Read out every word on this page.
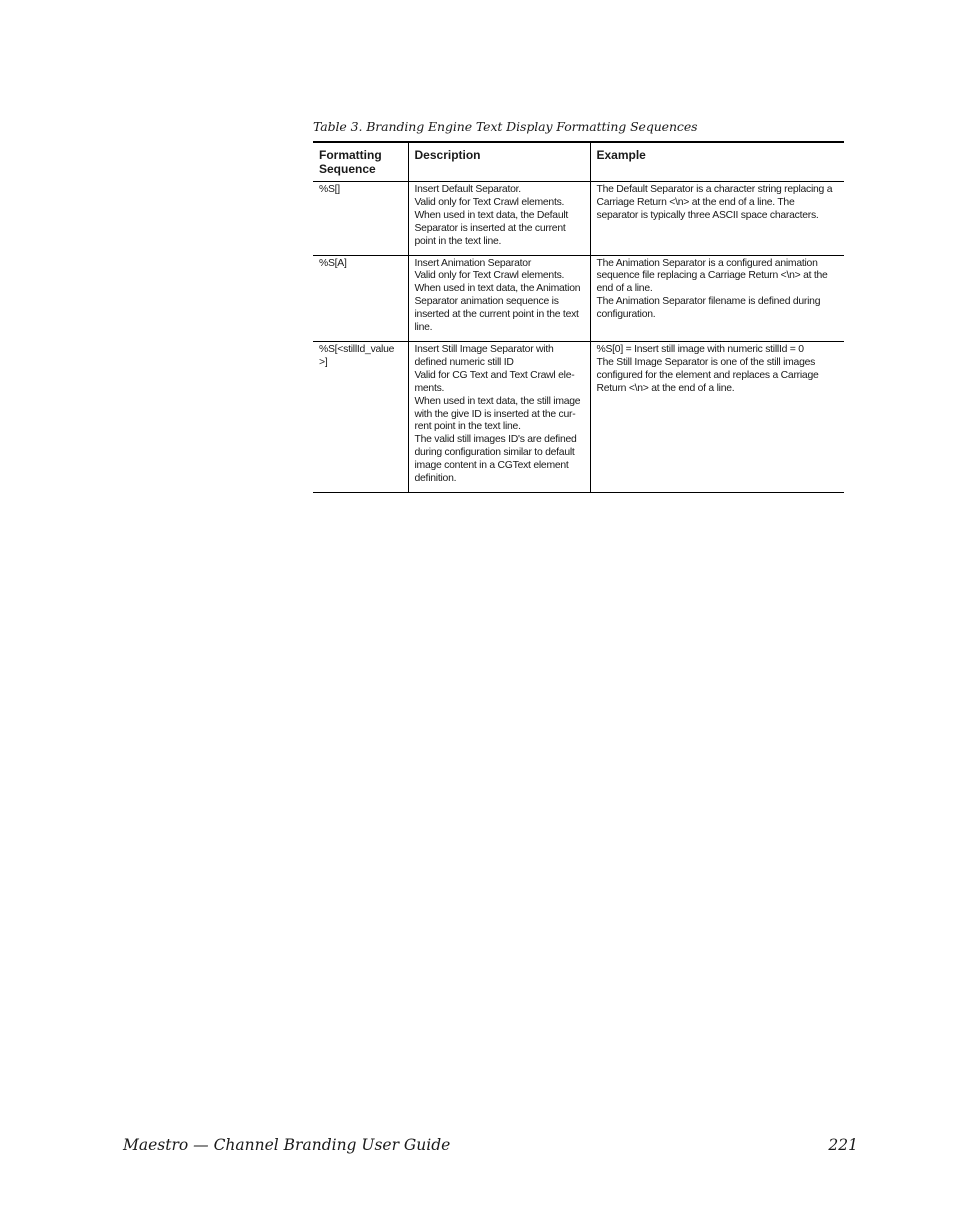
Table 3. Branding Engine Text Display Formatting Sequences
Formatting Sequence	Description	Example
%S[]	Insert Default Separator.
Valid only for Text Crawl elements.
When used in text data, the Default Separator is inserted at the current point in the text line.	The Default Separator is a character string replacing a Carriage Return <\n> at the end of a line. The separator is typically three ASCII space characters.
%S[A]	Insert Animation Separator
Valid only for Text Crawl elements.
When used in text data, the Animation Separator animation sequence is inserted at the current point in the text line.	The Animation Separator is a configured animation sequence file replacing a Carriage Return <\n> at the end of a line.
The Animation Separator filename is defined during configuration.
%S[<stillId_value>]	Insert Still Image Separator with defined numeric still ID
Valid for CG Text and Text Crawl ele-ments.
When used in text data, the still image with the give ID is inserted at the cur-rent point in the text line.
The valid still images ID's are defined during configuration similar to default image content in a CGText element definition.	%S[0] = Insert still image with numeric stillId = 0
The Still Image Separator is one of the still images configured for the element and replaces a Carriage Return <\n> at the end of a line.
Maestro — Channel Branding User Guide	221
